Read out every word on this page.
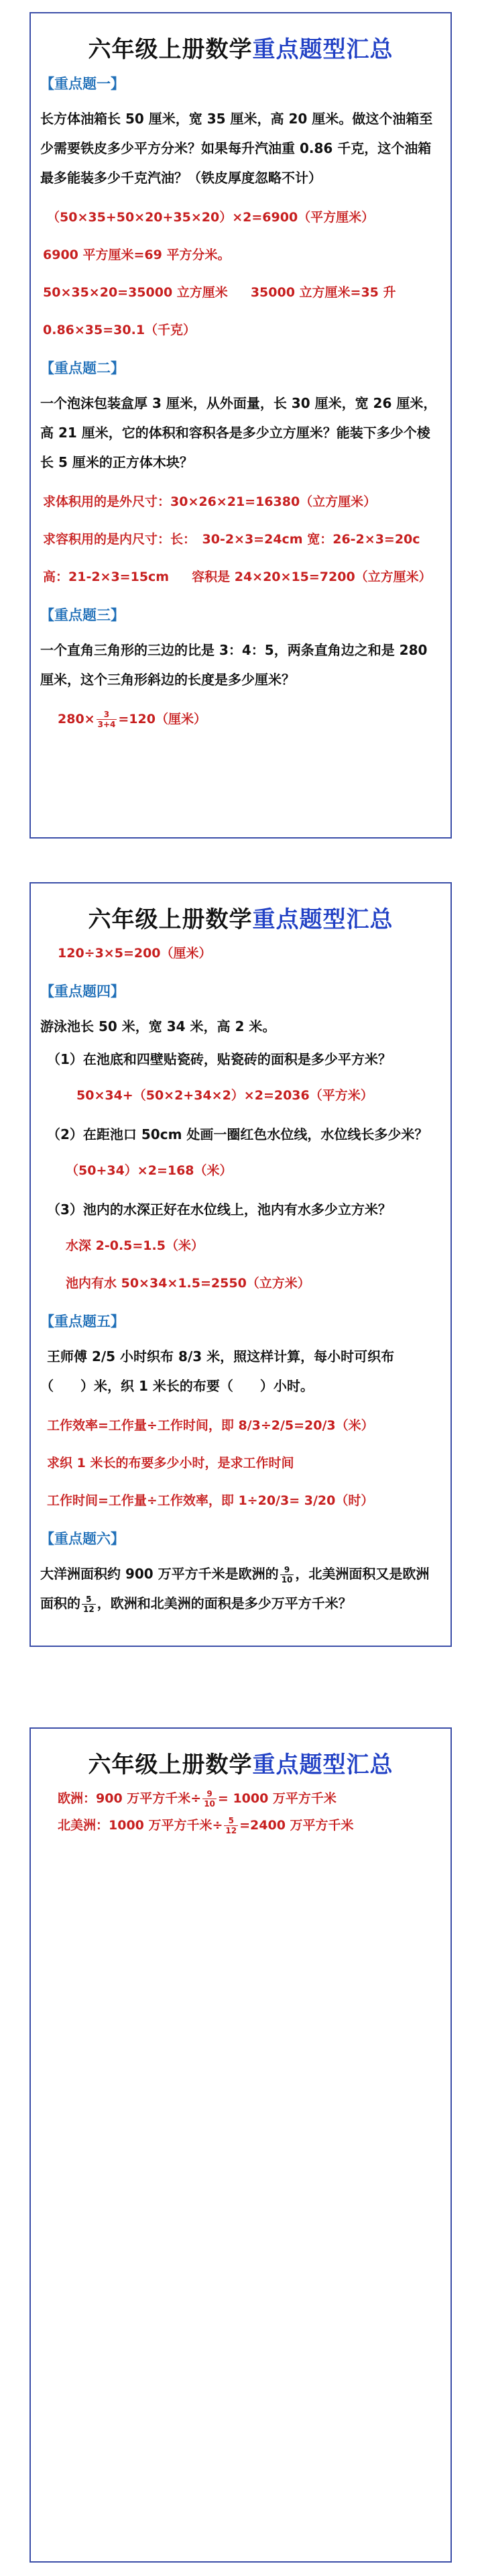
六年级上册数学重点题型汇总
【重点题一】
长方体油箱长 50 厘米，宽 35 厘米，高 20 厘米。做这个油箱至少需要铁皮多少平方分米？如果每升汽油重 0.86 千克，这个油箱最多能装多少千克汽油？（铁皮厚度忽略不计）
（50×35+50×20+35×20）×2=6900（平方厘米）
6900 平方厘米=69 平方分米。
50×35×20=35000 立方厘米 35000 立方厘米=35 升
0.86×35=30.1（千克）
【重点题二】
一个泡沫包装盒厚 3 厘米，从外面量，长 30 厘米，宽 26 厘米，高 21 厘米，它的体积和容积各是多少立方厘米？能装下多少个棱长 5 厘米的正方体木块？
求体积用的是外尺寸：30×26×21=16380（立方厘米）
求容积用的是内尺寸：长：　30-2×3=24cm 宽：26-2×3=20c
高：21-2×3=15cm 容积是 24×20×15=7200（立方厘米）
【重点题三】
一个直角三角形的三边的比是 3：4：5，两条直角边之和是 280 厘米，这个三角形斜边的长度是多少厘米？
$280\times \frac{3}{3+4} =120$（厘米）
六年级上册数学重点题型汇总
120÷3×5=200（厘米）
【重点题四】
游泳池长 50 米，宽 34 米，高 2 米。
（1）在池底和四壁贴瓷砖，贴瓷砖的面积是多少平方米？
50×34+（50×2+34×2）×2=2036（平方米）
（2）在距池口 50cm 处画一圈红色水位线，水位线长多少米？
（50+34）×2=168（米）
（3）池内的水深正好在水位线上，池内有水多少立方米？
水深 2-0.5=1.5（米）
池内有水 50×34×1.5=2550（立方米）
【重点题五】
王师傅 2/5 小时织布 8/3 米，照这样计算，每小时可织布（　　）米，织 1 米长的布要（　　）小时。
工作效率=工作量÷工作时间，即 8/3÷2/5=20/3（米）
求织 1 米长的布要多少小时，是求工作时间
工作时间=工作量÷工作效率，即 1÷20/3= 3/20（时）
【重点题六】
大洋洲面积约 900 万平方千米是欧洲的 $\frac{9}{10}$ ，北美洲面积又是欧洲面积的 $\frac{5}{12}$ ，欧洲和北美洲的面积是多少万平方千米？
六年级上册数学重点题型汇总
欧洲：900 万平方千米÷ $\frac{9}{10} = 1000$ 万平方千米
北美洲：1000 万平方千米÷ $\frac{5}{12} =2400$ 万平方千米
